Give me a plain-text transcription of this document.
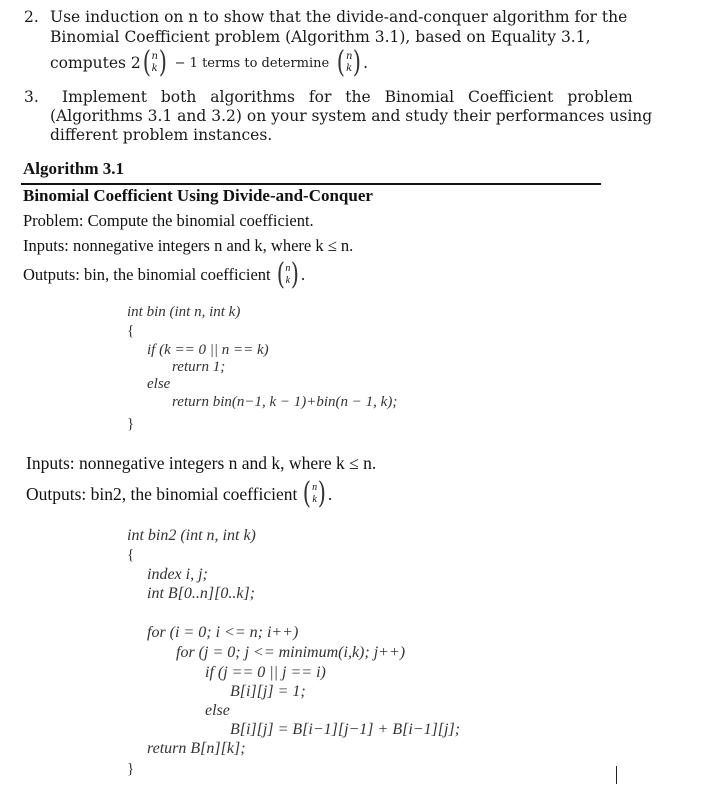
2. Use induction on n to show that the divide-and-conquer algorithm for the
Binomial Coefficient problem (Algorithm 3.1), based on Equality 3.1,
computes 2 ( n
k ) − 1 terms to determine ( n
k ) .
3. Implement both algorithms for the Binomial Coefficient problem
(Algorithms 3.1 and 3.2) on your system and study their performances using
different problem instances.
Algorithm 3.1
Binomial Coefficient Using Divide-and-Conquer
Problem: Compute the binomial coefficient.
Inputs: nonnegative integers n and k, where k ≤ n.
Outputs: bin, the binomial coefficient ( n
k ) .
int bin (int n, int k)
{
if (k == 0 || n == k)
return 1;
else
return bin(n−1, k − 1)+bin(n − 1, k);
}
Inputs: nonnegative integers n and k, where k ≤ n.
Outputs: bin2, the binomial coefficient ( n
k ) .
int bin2 (int n, int k)
{
index i, j;
int B[0..n][0..k];
for (i = 0; i <= n; i++)
for (j = 0; j <= minimum(i,k); j++)
if (j == 0 || j == i)
B[i][j] = 1;
else
B[i][j] = B[i−1][j−1] + B[i−1][j];
return B[n][k];
}
